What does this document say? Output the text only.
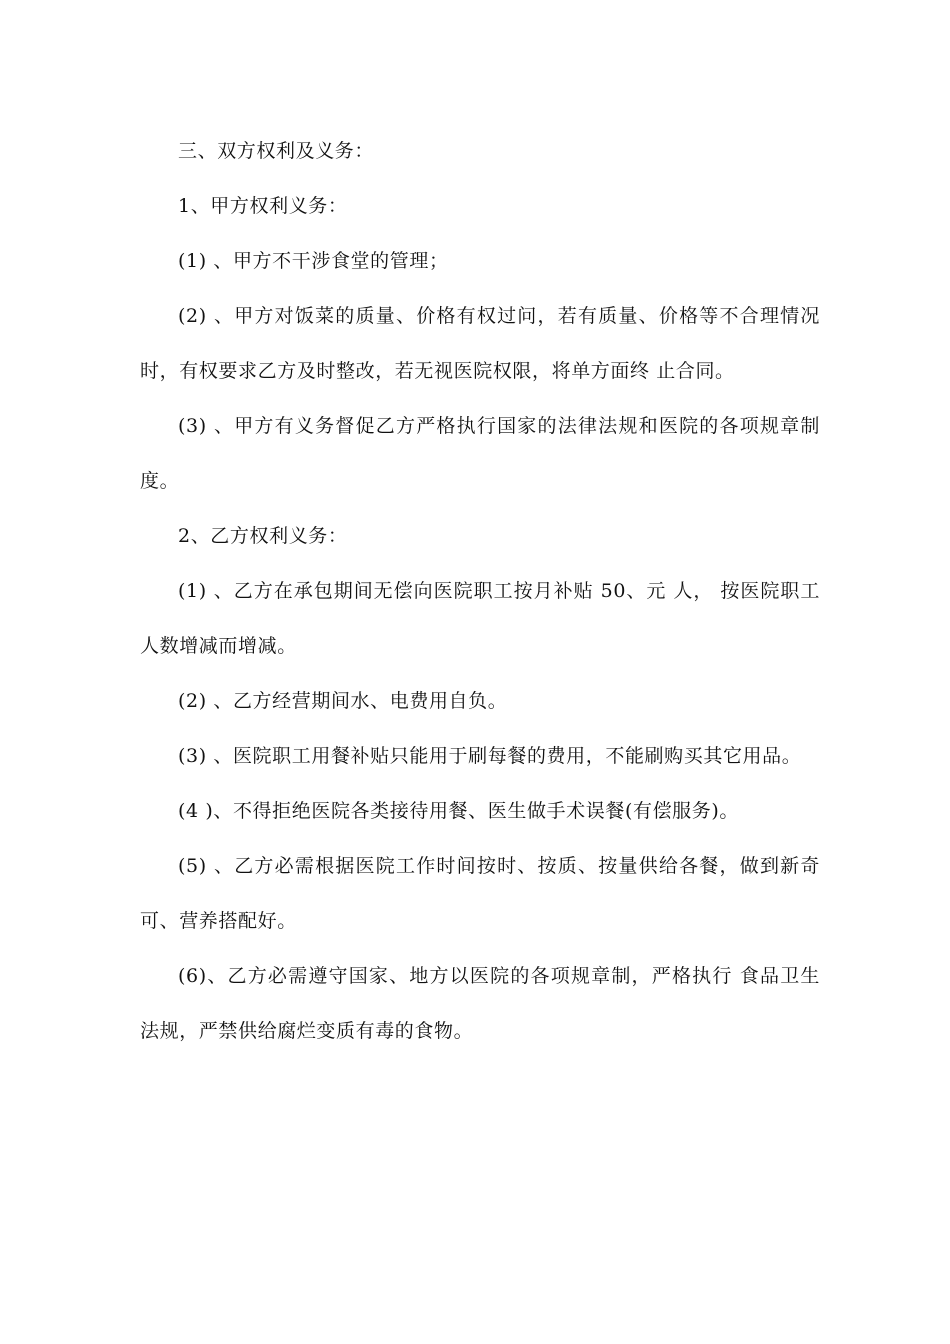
三、双方权利及义务：

1、甲方权利义务：

(1) 、甲方不干涉食堂的管理；

(2) 、甲方对饭菜的质量、价格有权过问，若有质量、价格等不合理情况时，有权要求乙方及时整改，若无视医院权限，将单方面终 止合同。

(3) 、甲方有义务督促乙方严格执行国家的法律法规和医院的各项规章制度。

2、乙方权利义务：

(1) 、乙方在承包期间无偿向医院职工按月补贴 50、元 人， 按医院职工人数增减而增减。

(2) 、乙方经营期间水、电费用自负。

(3) 、医院职工用餐补贴只能用于刷每餐的费用，不能刷购买其它用品。

(4 )、不得拒绝医院各类接待用餐、医生做手术误餐(有偿服务)。

(5) 、乙方必需根据医院工作时间按时、按质、按量供给各餐，做到新奇可、营养搭配好。

(6)、乙方必需遵守国家、地方以医院的各项规章制，严格执行 食品卫生法规，严禁供给腐烂变质有毒的食物。
